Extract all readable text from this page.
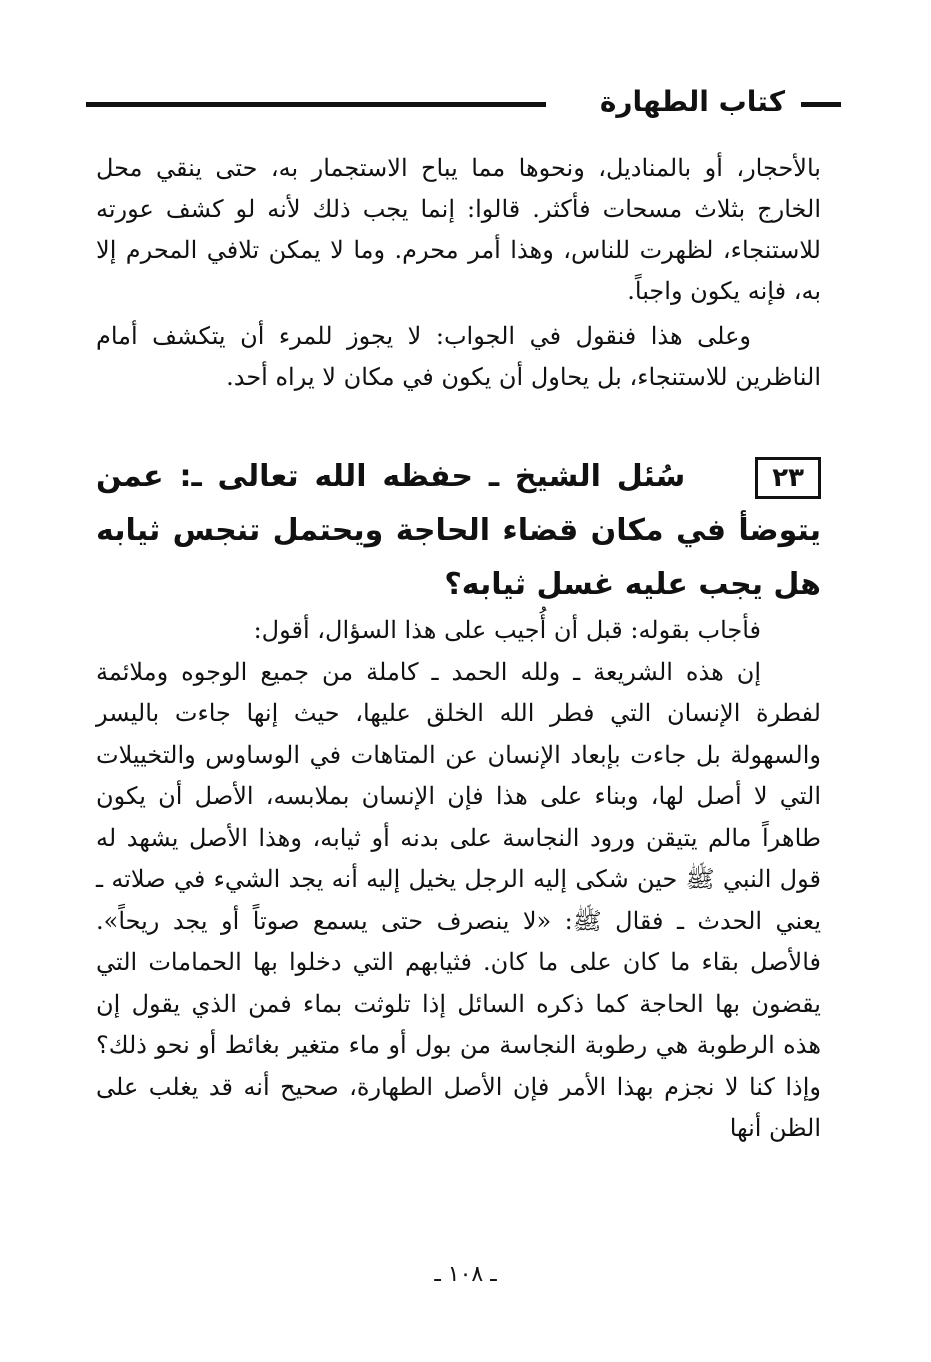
كتاب الطهارة

بالأحجار، أو بالمناديل، ونحوها مما يباح الاستجمار به، حتى ينقي محل الخارج بثلاث مسحات فأكثر. قالوا: إنما يجب ذلك لأنه لو كشف عورته للاستنجاء، لظهرت للناس، وهذا أمر محرم. وما لا يمكن تلافي المحرم إلا به، فإنه يكون واجباً.

وعلى هذا فنقول في الجواب: لا يجوز للمرء أن يتكشف أمام الناظرين للاستنجاء، بل يحاول أن يكون في مكان لا يراه أحد.

٢٣سُئل الشيخ ـ حفظه الله تعالى ـ: عمن يتوضأ في مكان قضاء الحاجة ويحتمل تنجس ثيابه هل يجب عليه غسل ثيابه؟

فأجاب بقوله: قبل أن أُجيب على هذا السؤال، أقول:

إن هذه الشريعة ـ ولله الحمد ـ كاملة من جميع الوجوه وملائمة لفطرة الإنسان التي فطر الله الخلق عليها، حيث إنها جاءت باليسر والسهولة بل جاءت بإبعاد الإنسان عن المتاهات في الوساوس والتخييلات التي لا أصل لها، وبناء على هذا فإن الإنسان بملابسه، الأصل أن يكون طاهراً مالم يتيقن ورود النجاسة على بدنه أو ثيابه، وهذا الأصل يشهد له قول النبي ﷺ حين شكى إليه الرجل يخيل إليه أنه يجد الشيء في صلاته ـ يعني الحدث ـ فقال ﷺ: «لا ينصرف حتى يسمع صوتاً أو يجد ريحاً». فالأصل بقاء ما كان على ما كان. فثيابهم التي دخلوا بها الحمامات التي يقضون بها الحاجة كما ذكره السائل إذا تلوثت بماء فمن الذي يقول إن هذه الرطوبة هي رطوبة النجاسة من بول أو ماء متغير بغائط أو نحو ذلك؟ وإذا كنا لا نجزم بهذا الأمر فإن الأصل الطهارة، صحيح أنه قد يغلب على الظن أنها

ـ ١٠٨ ـ
